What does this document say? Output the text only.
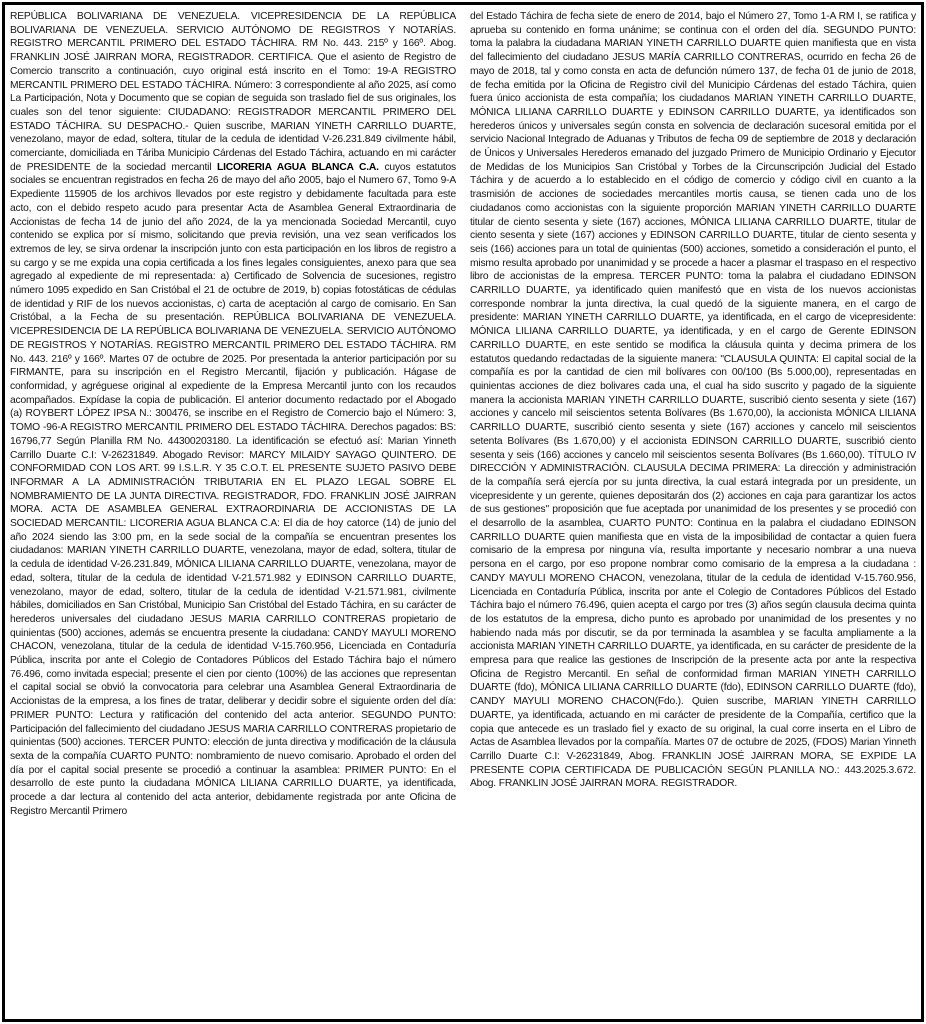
REPÚBLICA BOLIVARIANA DE VENEZUELA. VICEPRESIDENCIA DE LA REPÚBLICA BOLIVARIANA DE VENEZUELA. SERVICIO AUTÓNOMO DE REGISTROS Y NOTARÍAS. REGISTRO MERCANTIL PRIMERO DEL ESTADO TÁCHIRA. RM No. 443. 215º y 166º. Abog. FRANKLIN JOSÉ JAIRRAN MORA, REGISTRADOR. CERTIFICA. Que el asiento de Registro de Comercio transcrito a continuación, cuyo original está inscrito en el Tomo: 19-A REGISTRO MERCANTIL PRIMERO DEL ESTADO TÁCHIRA. Número: 3 correspondiente al año 2025, así como La Participación, Nota y Documento que se copian de seguida son traslado fiel de sus originales, los cuales son del tenor siguiente: CIUDADANO: REGISTRADOR MERCANTIL PRIMERO DEL ESTADO TÁCHIRA. SU DESPACHO.- Quien suscribe, MARIAN YINETH CARRILLO DUARTE, venezolano, mayor de edad, soltera, titular de la cedula de identidad V-26.231.849 civilmente hábil, comerciante, domiciliada en Táriba Municipio Cárdenas del Estado Táchira, actuando en mi carácter de PRESIDENTE de la sociedad mercantil LICORERIA AGUA BLANCA C.A. cuyos estatutos sociales se encuentran registrados en fecha 26 de mayo del año 2005, bajo el Numero 67, Tomo 9-A Expediente 115905 de los archivos llevados por este registro y debidamente facultada para este acto, con el debido respeto acudo para presentar Acta de Asamblea General Extraordinaria de Accionistas de fecha 14 de junio del año 2024, de la ya mencionada Sociedad Mercantil, cuyo contenido se explica por sí mismo, solicitando que previa revisión, una vez sean verificados los extremos de ley, se sirva ordenar la inscripción junto con esta participación en los libros de registro a su cargo y se me expida una copia certificada a los fines legales consiguientes, anexo para que sea agregado al expediente de mi representada: a) Certificado de Solvencia de sucesiones, registro número 1095 expedido en San Cristóbal el 21 de octubre de 2019, b) copias fotostáticas de cédulas de identidad y RIF de los nuevos accionistas, c) carta de aceptación al cargo de comisario. En San Cristóbal, a la Fecha de su presentación. REPÚBLICA BOLIVARIANA DE VENEZUELA. VICEPRESIDENCIA DE LA REPÚBLICA BOLIVARIANA DE VENEZUELA. SERVICIO AUTÓNOMO DE REGISTROS Y NOTARÍAS. REGISTRO MERCANTIL PRIMERO DEL ESTADO TÁCHIRA. RM No. 443. 216º y 166º. Martes 07 de octubre de 2025. Por presentada la anterior participación por su FIRMANTE, para su inscripción en el Registro Mercantil, fijación y publicación. Hágase de conformidad, y agréguese original al expediente de la Empresa Mercantil junto con los recaudos acompañados. Expídase la copia de publicación. El anterior documento redactado por el Abogado (a) ROYBERT LÓPEZ IPSA N.: 300476, se inscribe en el Registro de Comercio bajo el Número: 3, TOMO -96-A REGISTRO MERCANTIL PRIMERO DEL ESTADO TÁCHIRA. Derechos pagados: BS: 16796,77 Según Planilla RM No. 44300203180. La identificación se efectuó así: Marian Yinneth Carrillo Duarte C.I: V-26231849. Abogado Revisor: MARCY MILAIDY SAYAGO QUINTERO. DE CONFORMIDAD CON LOS ART. 99 I.S.L.R. Y 35 C.O.T. EL PRESENTE SUJETO PASIVO DEBE INFORMAR A LA ADMINISTRACIÓN TRIBUTARIA EN EL PLAZO LEGAL SOBRE EL NOMBRAMIENTO DE LA JUNTA DIRECTIVA. REGISTRADOR, FDO. FRANKLIN JOSÉ JAIRRAN MORA. ACTA DE ASAMBLEA GENERAL EXTRAORDINARIA DE ACCIONISTAS DE LA SOCIEDAD MERCANTIL: LICORERIA AGUA BLANCA C.A: El dia de hoy catorce (14) de junio del año 2024 siendo las 3:00 pm, en la sede social de la compañía se encuentran presentes los ciudadanos: MARIAN YINETH CARRILLO DUARTE, venezolana, mayor de edad, soltera, titular de la cedula de identidad V-26.231.849, MÓNICA LILIANA CARRILLO DUARTE, venezolana, mayor de edad, soltera, titular de la cedula de identidad V-21.571.982 y EDINSON CARRILLO DUARTE, venezolano, mayor de edad, soltero, titular de la cedula de identidad V-21.571.981, civilmente hábiles, domiciliados en San Cristóbal, Municipio San Cristóbal del Estado Táchira, en su carácter de herederos universales del ciudadano JESUS MARIA CARRILLO CONTRERAS propietario de quinientas (500) acciones, además se encuentra presente la ciudadana: CANDY MAYULI MORENO CHACON, venezolana, titular de la cedula de identidad V-15.760.956, Licenciada en Contaduría Pública, inscrita por ante el Colegio de Contadores Públicos del Estado Táchira bajo el número 76.496, como invitada especial; presente el cien por ciento (100%) de las acciones que representan el capital social se obvió la convocatoria para celebrar una Asamblea General Extraordinaria de Accionistas de la empresa, a los fines de tratar, deliberar y decidir sobre el siguiente orden del día: PRIMER PUNTO: Lectura y ratificación del contenido del acta anterior. SEGUNDO PUNTO: Participación del fallecimiento del ciudadano JESUS MARIA CARRILLO CONTRERAS propietario de quinientas (500) acciones. TERCER PUNTO: elección de junta directiva y modificación de la cláusula sexta de la compañía CUARTO PUNTO: nombramiento de nuevo comisario. Aprobado el orden del día por el capital social presente se procedió a continuar la asamblea: PRIMER PUNTO: En el desarrollo de este punto la ciudadana MÓNICA LILIANA CARRILLO DUARTE, ya identificada, procede a dar lectura al contenido del acta anterior, debidamente registrada por ante Oficina de Registro Mercantil Primero
del Estado Táchira de fecha siete de enero de 2014, bajo el Número 27, Tomo 1-A RM I, se ratifica y aprueba su contenido en forma unánime; se continua con el orden del día. SEGUNDO PUNTO: toma la palabra la ciudadana MARIAN YINETH CARRILLO DUARTE quien manifiesta que en vista del fallecimiento del ciudadano JESUS MARÍA CARRILLO CONTRERAS, ocurrido en fecha 26 de mayo de 2018, tal y como consta en acta de defunción número 137, de fecha 01 de junio de 2018, de fecha emitida por la Oficina de Registro civil del Municipio Cárdenas del estado Táchira, quien fuera único accionista de esta compañía; los ciudadanos MARIAN YINETH CARRILLO DUARTE, MÓNICA LILIANA CARRILLO DUARTE y EDINSON CARRILLO DUARTE, ya identificados son herederos únicos y universales según consta en solvencia de declaración sucesoral emitida por el servicio Nacional Integrado de Aduanas y Tributos de fecha 09 de septiembre de 2018 y declaración de Únicos y Universales Herederos emanado del juzgado Primero de Municipio Ordinario y Ejecutor de Medidas de los Municipios San Cristóbal y Torbes de la Circunscripción Judicial del Estado Táchira y de acuerdo a lo establecido en el código de comercio y código civil en cuanto a la trasmisión de acciones de sociedades mercantiles mortis causa, se tienen cada uno de los ciudadanos como accionistas con la siguiente proporción MARIAN YINETH CARRILLO DUARTE titular de ciento sesenta y siete (167) acciones, MÓNICA LILIANA CARRILLO DUARTE, titular de ciento sesenta y siete (167) acciones y EDINSON CARRILLO DUARTE, titular de ciento sesenta y seis (166) acciones para un total de quinientas (500) acciones, sometido a consideración el punto, el mismo resulta aprobado por unanimidad y se procede a hacer a plasmar el traspaso en el respectivo libro de accionistas de la empresa. TERCER PUNTO: toma la palabra el ciudadano EDINSON CARRILLO DUARTE, ya identificado quien manifestó que en vista de los nuevos accionistas corresponde nombrar la junta directiva, la cual quedó de la siguiente manera, en el cargo de presidente: MARIAN YINETH CARRILLO DUARTE, ya identificada, en el cargo de vicepresidente: MÓNICA LILIANA CARRILLO DUARTE, ya identificada, y en el cargo de Gerente EDINSON CARRILLO DUARTE, en este sentido se modifica la cláusula quinta y decima primera de los estatutos quedando redactadas de la siguiente manera: "CLAUSULA QUINTA: El capital social de la compañía es por la cantidad de cien mil bolívares con 00/100 (Bs 5.000,00), representadas en quinientas acciones de diez bolivares cada una, el cual ha sido suscrito y pagado de la siguiente manera la accionista MARIAN YINETH CARRILLO DUARTE, suscribió ciento sesenta y siete (167) acciones y cancelo mil seiscientos setenta Bolívares (Bs 1.670,00), la accionista MÓNICA LILIANA CARRILLO DUARTE, suscribió ciento sesenta y siete (167) acciones y cancelo mil seiscientos setenta Bolívares (Bs 1.670,00) y el accionista EDINSON CARRILLO DUARTE, suscribió ciento sesenta y seis (166) acciones y cancelo mil seiscientos sesenta Bolívares (Bs 1.660,00). TÍTULO IV DIRECCIÓN Y ADMINISTRACIÓN. CLAUSULA DECIMA PRIMERA: La dirección y administración de la compañía será ejercía por su junta directiva, la cual estará integrada por un presidente, un vicepresidente y un gerente, quienes depositarán dos (2) acciones en caja para garantizar los actos de sus gestiones" proposición que fue aceptada por unanimidad de los presentes y se procedió con el desarrollo de la asamblea, CUARTO PUNTO: Continua en la palabra el ciudadano EDINSON CARRILLO DUARTE quien manifiesta que en vista de la imposibilidad de contactar a quien fuera comisario de la empresa por ninguna vía, resulta importante y necesario nombrar a una nueva persona en el cargo, por eso propone nombrar como comisario de la empresa a la ciudadana : CANDY MAYULI MORENO CHACON, venezolana, titular de la cedula de identidad V-15.760.956, Licenciada en Contaduría Pública, inscrita por ante el Colegio de Contadores Públicos del Estado Táchira bajo el número 76.496, quien acepta el cargo por tres (3) años según clausula decima quinta de los estatutos de la empresa, dicho punto es aprobado por unanimidad de los presentes y no habiendo nada más por discutir, se da por terminada la asamblea y se faculta ampliamente a la accionista MARIAN YINETH CARRILLO DUARTE, ya identificada, en su carácter de presidente de la empresa para que realice las gestiones de Inscripción de la presente acta por ante la respectiva Oficina de Registro Mercantil. En señal de conformidad firman MARIAN YINETH CARRILLO DUARTE (fdo), MÓNICA LILIANA CARRILLO DUARTE (fdo), EDINSON CARRILLO DUARTE (fdo), CANDY MAYULI MORENO CHACON(Fdo.). Quien suscribe, MARIAN YINETH CARRILLO DUARTE, ya identificada, actuando en mi carácter de presidente de la Compañía, certifico que la copia que antecede es un traslado fiel y exacto de su original, la cual corre inserta en el Libro de Actas de Asamblea llevados por la compañía. Martes 07 de octubre de 2025, (FDOS) Marian Yinneth Carrillo Duarte C.I: V-26231849, Abog. FRANKLIN JOSÉ JAIRRAN MORA, SE EXPIDE LA PRESENTE COPIA CERTIFICADA DE PUBLICACIÓN SEGÚN PLANILLA NO.: 443.2025.3.672. Abog. FRANKLIN JOSÉ JAIRRAN MORA. REGISTRADOR.
